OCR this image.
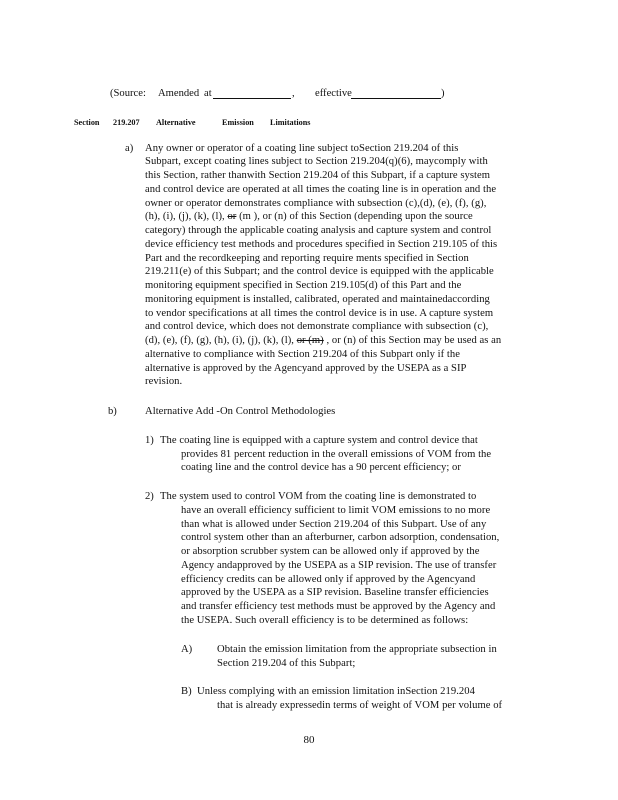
(Source: Amended at	, effective	)
Section 219.207 Alternative	Emission Limitations
a) Any owner or operator of a coating line subject toSection 219.204 of this
Subpart, except coating lines subject to Section 219.204(q)(6), maycomply with
this Section, rather thanwith Section 219.204 of this Subpart, if a capture system
and control device are operated at all times the coating line is in operation and the
owner or operator demonstrates compliance with subsection (c),(d), (e), (f), (g),
(h), (i), (j), (k), (l), or (m ), or (n) of this Section (depending upon the source
category) through the applicable coating analysis and capture system and control
device efficiency test methods and procedures specified in Section 219.105 of this
Part and the recordkeeping and reporting require ments specified in Section
219.211(e) of this Subpart; and the control device is equipped with the applicable
monitoring equipment specified in Section 219.105(d) of this Part and the
monitoring equipment is installed, calibrated, operated and maintainedaccording
to vendor specifications at all times the control device is in use. A capture system
and control device, which does not demonstrate compliance with subsection (c),
(d), (e), (f), (g), (h), (i), (j), (k), (l), or (m) , or (n) of this Section may be used as an
alternative to compliance with Section 219.204 of this Subpart only if the
alternative is approved by the Agencyand approved by the USEPA as a SIP
revision.
b)	Alternative Add -On Control Methodologies
1) The coating line is equipped with a capture system and control device that
provides 81 percent reduction in the overall emissions of VOM from the
coating line and the control device has a 90 percent efficiency; or
2) The system used to control VOM from the coating line is demonstrated to
have an overall efficiency sufficient to limit VOM emissions to no more
than what is allowed under Section 219.204 of this Subpart. Use of any
control system other than an afterburner, carbon adsorption, condensation,
or absorption scrubber system can be allowed only if approved by the
Agency andapproved by the USEPA as a SIP revision. The use of transfer
efficiency credits can be allowed only if approved by the Agencyand
approved by the USEPA as a SIP revision. Baseline transfer efficiencies
and transfer efficiency test methods must be approved by the Agency and
the USEPA. Such overall efficiency is to be determined as follows:
A) Obtain the emission limitation from the appropriate subsection in
Section 219.204 of this Subpart;
B) Unless complying with an emission limitation inSection 219.204
that is already expressedin terms of weight of VOM per volume of
80
